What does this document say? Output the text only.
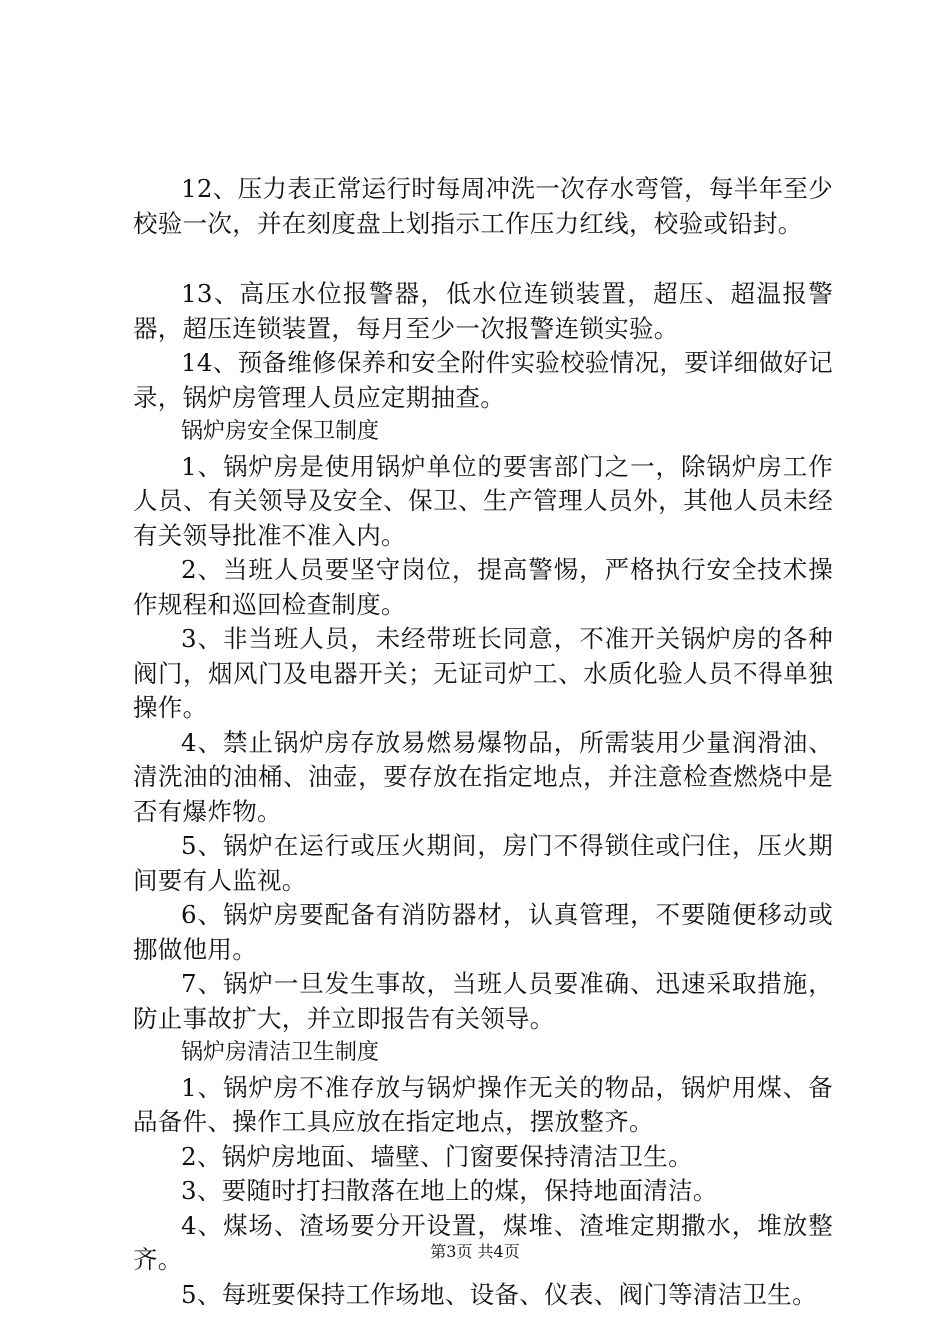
12、压力表正常运行时每周冲洗一次存水弯管，每半年至少校验一次，并在刻度盘上划指示工作压力红线，校验或铅封。

13、高压水位报警器，低水位连锁装置，超压、超温报警器，超压连锁装置，每月至少一次报警连锁实验。

14、预备维修保养和安全附件实验校验情况，要详细做好记录，锅炉房管理人员应定期抽查。

锅炉房安全保卫制度

1、锅炉房是使用锅炉单位的要害部门之一，除锅炉房工作人员、有关领导及安全、保卫、生产管理人员外，其他人员未经有关领导批准不准入内。

2、当班人员要坚守岗位，提高警惕，严格执行安全技术操作规程和巡回检查制度。

3、非当班人员，未经带班长同意，不准开关锅炉房的各种阀门，烟风门及电器开关；无证司炉工、水质化验人员不得单独操作。

4、禁止锅炉房存放易燃易爆物品，所需装用少量润滑油、清洗油的油桶、油壶，要存放在指定地点，并注意检查燃烧中是否有爆炸物。

5、锅炉在运行或压火期间，房门不得锁住或闩住，压火期间要有人监视。

6、锅炉房要配备有消防器材，认真管理，不要随便移动或挪做他用。

7、锅炉一旦发生事故，当班人员要准确、迅速采取措施，防止事故扩大，并立即报告有关领导。

锅炉房清洁卫生制度

1、锅炉房不准存放与锅炉操作无关的物品，锅炉用煤、备品备件、操作工具应放在指定地点，摆放整齐。

2、锅炉房地面、墙壁、门窗要保持清洁卫生。

3、要随时打扫散落在地上的煤，保持地面清洁。

4、煤场、渣场要分开设置，煤堆、渣堆定期撒水，堆放整齐。

5、每班要保持工作场地、设备、仪表、阀门等清洁卫生。

第3页 共4页
